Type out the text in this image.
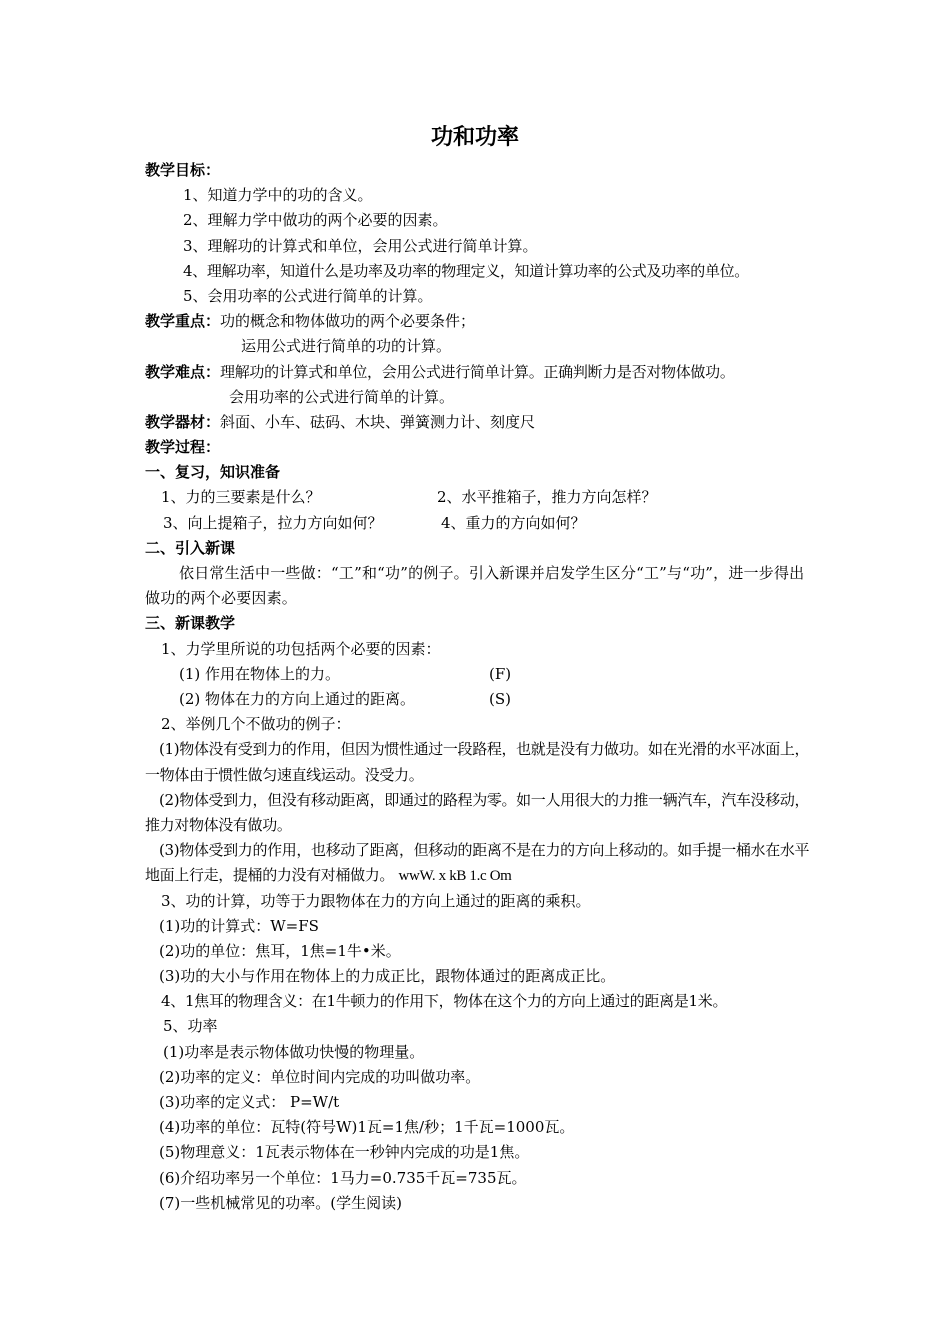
功和功率
教学目标：
1、知道力学中的功的含义。
2、理解力学中做功的两个必要的因素。
3、理解功的计算式和单位，会用公式进行简单计算。
4、理解功率，知道什么是功率及功率的物理定义，知道计算功率的公式及功率的单位。
5、会用功率的公式进行简单的计算。
教学重点：功的概念和物体做功的两个必要条件；
运用公式进行简单的功的计算。
教学难点：理解功的计算式和单位，会用公式进行简单计算。正确判断力是否对物体做功。
会用功率的公式进行简单的计算。
教学器材：斜面、小车、砝码、木块、弹簧测力计、刻度尺
教学过程：
一、复习，知识准备
1、力的三要素是什么？	2、水平推箱子，推力方向怎样？
3、向上提箱子，拉力方向如何？	4、重力的方向如何？
二、引入新课
依日常生活中一些做：“工”和“功”的例子。引入新课并启发学生区分“工”与“功”，进一步得出做功的两个必要因素。
三、新课教学
1、力学里所说的功包括两个必要的因素：
(1) 作用在物体上的力。	(F)
(2) 物体在力的方向上通过的距离。	(S)
2、举例几个不做功的例子：
(1)物体没有受到力的作用，但因为惯性通过一段路程，也就是没有力做功。如在光滑的水平冰面上，一物体由于惯性做匀速直线运动。没受力。
(2)物体受到力，但没有移动距离，即通过的路程为零。如一人用很大的力推一辆汽车，汽车没移动，推力对物体没有做功。
(3)物体受到力的作用，也移动了距离，但移动的距离不是在力的方向上移动的。如手提一桶水在水平地面上行走，提桶的力没有对桶做力。 wwW. x kB 1.c Om
3、功的计算，功等于力跟物体在力的方向上通过的距离的乘积。
(1)功的计算式：W=FS
(2)功的单位：焦耳，1焦=1牛•米。
(3)功的大小与作用在物体上的力成正比，跟物体通过的距离成正比。
4、1焦耳的物理含义：在1牛顿力的作用下，物体在这个力的方向上通过的距离是1米。
5、功率
(1)功率是表示物体做功快慢的物理量。
(2)功率的定义：单位时间内完成的功叫做功率。
(3)功率的定义式： P=W/t
(4)功率的单位：瓦特(符号W)1瓦=1焦/秒；1千瓦=1000瓦。
(5)物理意义：1瓦表示物体在一秒钟内完成的功是1焦。
(6)介绍功率另一个单位：1马力=0.735千瓦=735瓦。
(7)一些机械常见的功率。(学生阅读)
